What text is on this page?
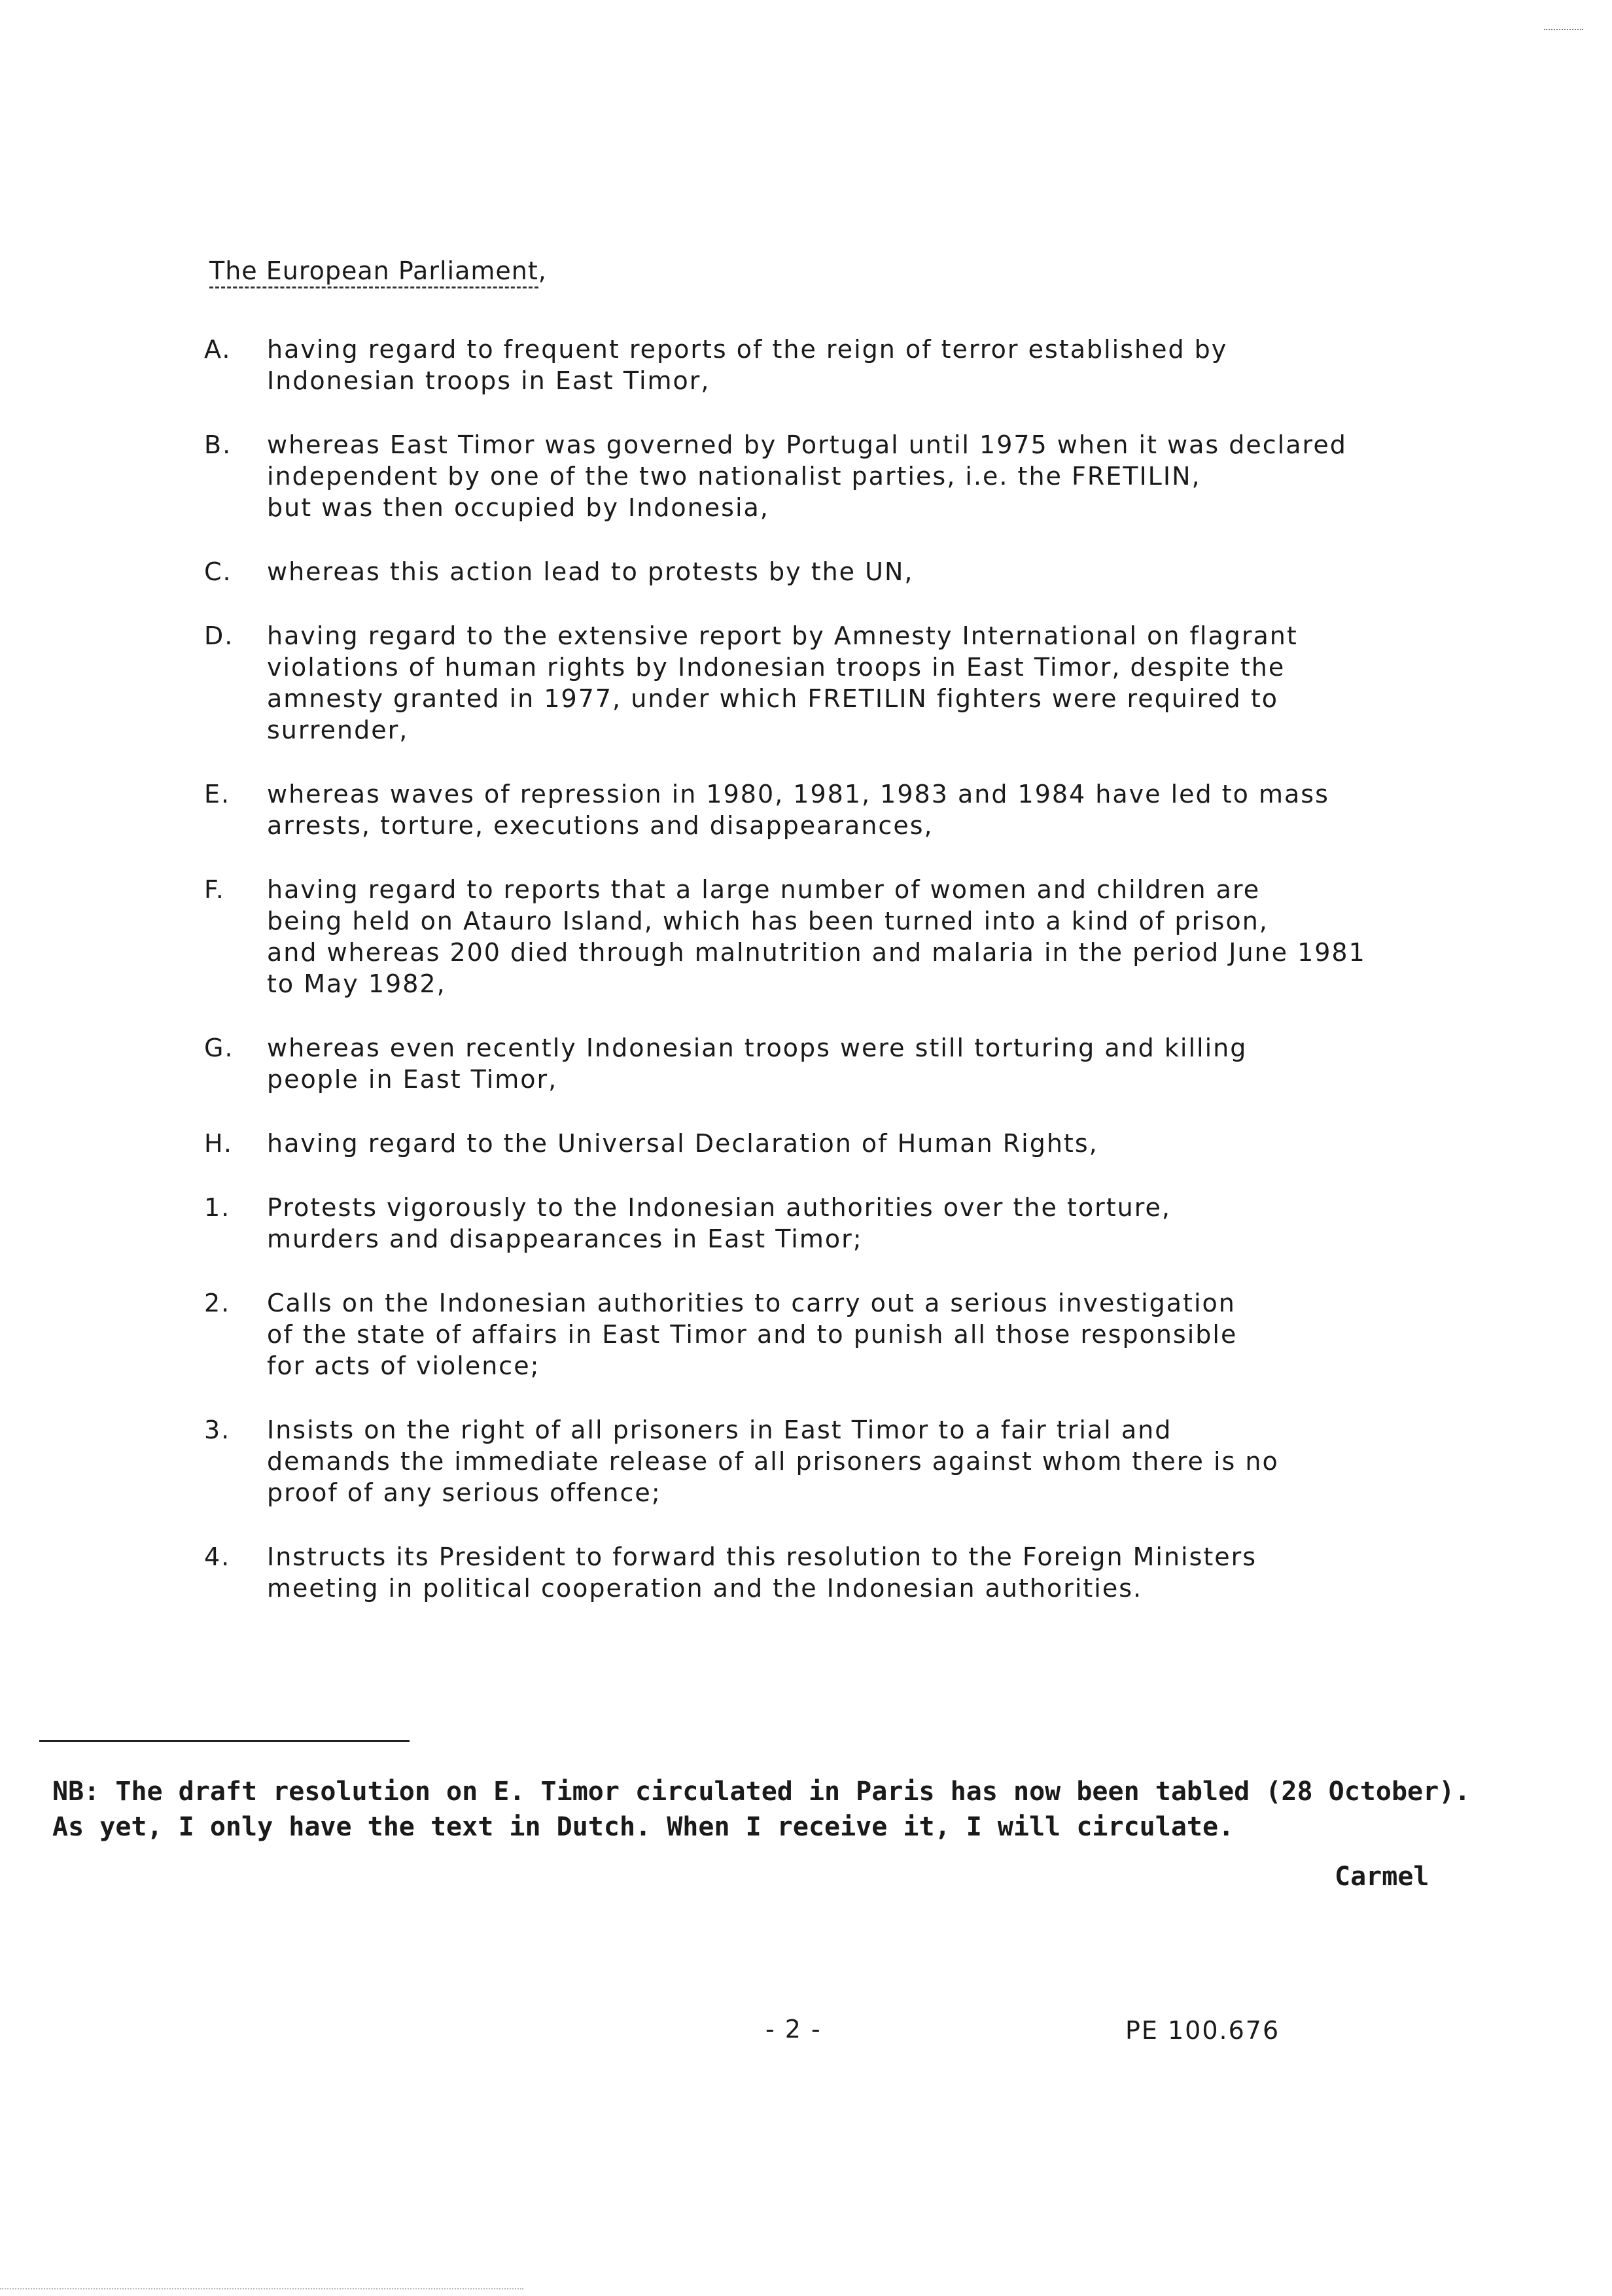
The European Parliament,
A.	having regard to frequent reports of the reign of terror established by
Indonesian troops in East Timor,
B.	whereas East Timor was governed by Portugal until 1975 when it was declared
independent by one of the two nationalist parties, i.e. the FRETILIN,
but was then occupied by Indonesia,
C.	whereas this action lead to protests by the UN,
D.	having regard to the extensive report by Amnesty International on flagrant
violations of human rights by Indonesian troops in East Timor, despite the
amnesty granted in 1977, under which FRETILIN fighters were required to
surrender,
E.	whereas waves of repression in 1980, 1981, 1983 and 1984 have led to mass
arrests, torture, executions and disappearances,
F.	having regard to reports that a large number of women and children are
being held on Atauro Island, which has been turned into a kind of prison,
and whereas 200 died through malnutrition and malaria in the period June 1981
to May 1982,
G.	whereas even recently Indonesian troops were still torturing and killing
people in East Timor,
H.	having regard to the Universal Declaration of Human Rights,
1.	Protests vigorously to the Indonesian authorities over the torture,
murders and disappearances in East Timor;
2.	Calls on the Indonesian authorities to carry out a serious investigation
of the state of affairs in East Timor and to punish all those responsible
for acts of violence;
3.	Insists on the right of all prisoners in East Timor to a fair trial and
demands the immediate release of all prisoners against whom there is no
proof of any serious offence;
4.	Instructs its President to forward this resolution to the Foreign Ministers
meeting in political cooperation and the Indonesian authorities.
NB: The draft resolution on E. Timor circulated in Paris has now been tabled (28 October).
As yet, I only have the text in Dutch. When I receive it, I will circulate.
Carmel
- 2 -	PE 100.676
